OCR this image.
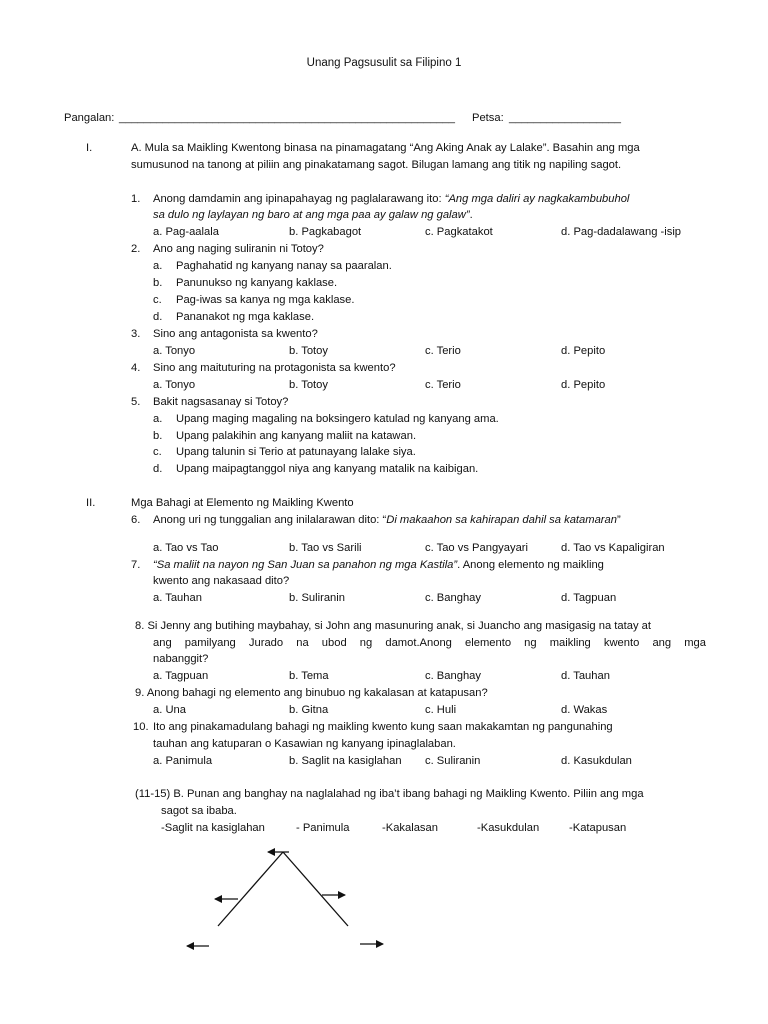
Unang Pagsusulit sa Filipino 1
Pangalan: ______________________________________________________ Petsa: __________________
I.	A. Mula sa Maikling Kwentong binasa na pinamagatang “Ang Aking Anak ay Lalake”. Basahin ang mga
sumusunod na tanong at piliin ang pinakatamang sagot. Bilugan lamang ang titik ng napiling sagot.
1. Anong damdamin ang ipinapahayag ng paglalarawang ito: “Ang mga daliri ay nagkakambubuhol
sa dulo ng laylayan ng baro at ang mga paa ay galaw ng galaw”.
a. Pag-aalala	b. Pagkabagot	c. Pagkatakot	d. Pag-dadalawang -isip
2. Ano ang naging suliranin ni Totoy?
a. Paghahatid ng kanyang nanay sa paaralan.
b. Panunukso ng kanyang kaklase.
c. Pag-iwas sa kanya ng mga kaklase.
d. Pananakot ng mga kaklase.
3. Sino ang antagonista sa kwento?
a. Tonyo	b. Totoy	c. Terio	d. Pepito
4. Sino ang maituturing na protagonista sa kwento?
a. Tonyo	b. Totoy	c. Terio	d. Pepito
5. Bakit nagsasanay si Totoy?
a. Upang maging magaling na boksingero katulad ng kanyang ama.
b. Upang palakihin ang kanyang maliit na katawan.
c. Upang talunin si Terio at patunayang lalake siya.
d. Upang maipagtanggol niya ang kanyang matalik na kaibigan.
II.	Mga Bahagi at Elemento ng Maikling Kwento
6. Anong uri ng tunggalian ang inilalarawan dito: “Di makaahon sa kahirapan dahil sa katamaran”
a. Tao vs Tao	b. Tao vs Sarili	c. Tao vs Pangyayari	d. Tao vs Kapaligiran
7. “Sa maliit na nayon ng San Juan sa panahon ng mga Kastila”. Anong elemento ng maikling
kwento ang nakasaad dito?
a. Tauhan	b. Suliranin	c. Banghay	d. Tagpuan
8. Si Jenny ang butihing maybahay, si John ang masunuring anak, si Juancho ang masigasig na tatay at
ang pamilyang Jurado na ubod ng damot.Anong elemento ng maikling kwento ang mga
nabanggit?
a. Tagpuan	b. Tema	c. Banghay	d. Tauhan
9. Anong bahagi ng elemento ang binubuo ng kakalasan at katapusan?
a. Una	b. Gitna	c. Huli	d. Wakas
10. Ito ang pinakamadulang bahagi ng maikling kwento kung saan makakamtan ng pangunahing
tauhan ang katuparan o Kasawian ng kanyang ipinaglalaban.
a. Panimula	b. Saglit na kasiglahan c. Suliranin	d. Kasukdulan
(11-15) B. Punan ang banghay na naglalahad ng iba’t ibang bahagi ng Maikling Kwento. Piliin ang mga
sagot sa ibaba.
-Saglit na kasiglahan	- Panimula	-Kakalasan	-Kasukdulan	-Katapusan
